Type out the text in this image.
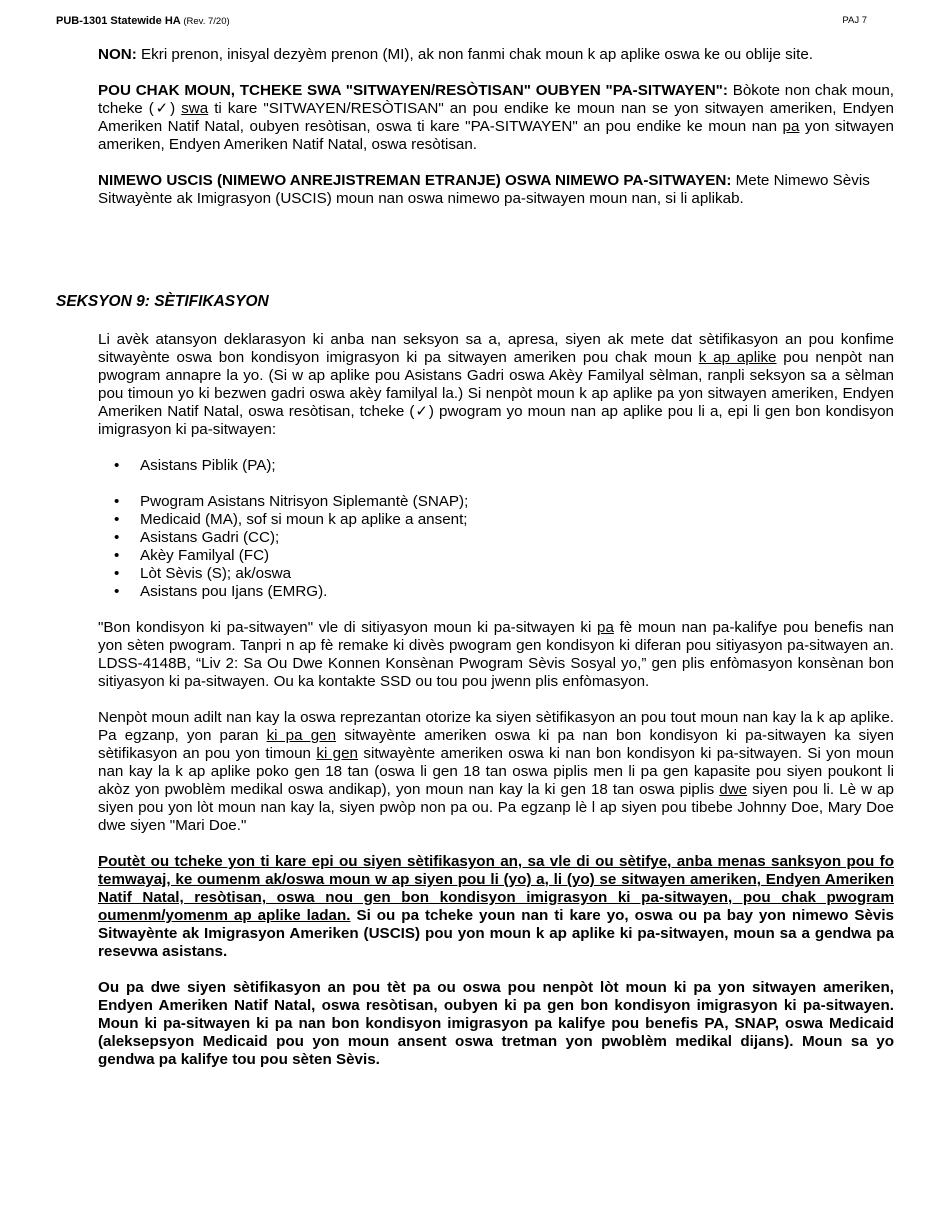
PUB-1301 Statewide HA (Rev. 7/20)	PAJ 7

NON: Ekri prenon, inisyal dezyèm prenon (MI), ak non fanmi chak moun k ap aplike oswa ke ou oblije site.

POU CHAK MOUN, TCHEKE SWA "SITWAYEN/RESÒTISAN" OUBYEN "PA-SITWAYEN": Bòkote non chak moun, tcheke (✓) swa ti kare "SITWAYEN/RESÒTISAN" an pou endike ke moun nan se yon sitwayen ameriken, Endyen Ameriken Natif Natal, oubyen resòtisan, oswa ti kare "PA-SITWAYEN" an pou endike ke moun nan pa yon sitwayen ameriken, Endyen Ameriken Natif Natal, oswa resòtisan.

NIMEWO USCIS (NIMEWO ANREJISTREMAN ETRANJE) OSWA NIMEWO PA-SITWAYEN: Mete Nimewo Sèvis Sitwayènte ak Imigrasyon (USCIS) moun nan oswa nimewo pa-sitwayen moun nan, si li aplikab.

SEKSYON 9: SÈTIFIKASYON

Li avèk atansyon deklarasyon ki anba nan seksyon sa a, apresa, siyen ak mete dat sètifikasyon an pou konfime sitwayènte oswa bon kondisyon imigrasyon ki pa sitwayen ameriken pou chak moun k ap aplike pou nenpòt nan pwogram annapre la yo. (Si w ap aplike pou Asistans Gadri oswa Akèy Familyal sèlman, ranpli seksyon sa a sèlman pou timoun yo ki bezwen gadri oswa akèy familyal la.) Si nenpòt moun k ap aplike pa yon sitwayen ameriken, Endyen Ameriken Natif Natal, oswa resòtisan, tcheke (✓) pwogram yo moun nan ap aplike pou li a, epi li gen bon kondisyon imigrasyon ki pa-sitwayen:

• Asistans Piblik (PA);
• Pwogram Asistans Nitrisyon Siplemantè (SNAP);
• Medicaid (MA), sof si moun k ap aplike a ansent;
• Asistans Gadri (CC);
• Akèy Familyal (FC)
• Lòt Sèvis (S); ak/oswa
• Asistans pou Ijans (EMRG).

"Bon kondisyon ki pa-sitwayen" vle di sitiyasyon moun ki pa-sitwayen ki pa fè moun nan pa-kalifye pou benefis nan yon sèten pwogram. Tanpri n ap fè remake ki divès pwogram gen kondisyon ki diferan pou sitiyasyon pa-sitwayen an. LDSS-4148B, “Liv 2: Sa Ou Dwe Konnen Konsènan Pwogram Sèvis Sosyal yo,” gen plis enfòmasyon konsènan bon sitiyasyon ki pa-sitwayen. Ou ka kontakte SSD ou tou pou jwenn plis enfòmasyon.

Nenpòt moun adilt nan kay la oswa reprezantan otorize ka siyen sètifikasyon an pou tout moun nan kay la k ap aplike. Pa egzanp, yon paran ki pa gen sitwayènte ameriken oswa ki pa nan bon kondisyon ki pa-sitwayen ka siyen sètifikasyon an pou yon timoun ki gen sitwayènte ameriken oswa ki nan bon kondisyon ki pa-sitwayen. Si yon moun nan kay la k ap aplike poko gen 18 tan (oswa li gen 18 tan oswa piplis men li pa gen kapasite pou siyen poukont li akòz yon pwoblèm medikal oswa andikap), yon moun nan kay la ki gen 18 tan oswa piplis dwe siyen pou li. Lè w ap siyen pou yon lòt moun nan kay la, siyen pwòp non pa ou. Pa egzanp lè l ap siyen pou tibebe Johnny Doe, Mary Doe dwe siyen "Mari Doe."

Poutèt ou tcheke yon ti kare epi ou siyen sètifikasyon an, sa vle di ou sètifye, anba menas sanksyon pou fo temwayaj, ke oumenm ak/oswa moun w ap siyen pou li (yo) a, li (yo) se sitwayen ameriken, Endyen Ameriken Natif Natal, resòtisan, oswa nou gen bon kondisyon imigrasyon ki pa-sitwayen, pou chak pwogram oumenm/yomenm ap aplike ladan. Si ou pa tcheke youn nan ti kare yo, oswa ou pa bay yon nimewo Sèvis Sitwayènte ak Imigrasyon Ameriken (USCIS) pou yon moun k ap aplike ki pa-sitwayen, moun sa a gendwa pa resevwa asistans.

Ou pa dwe siyen sètifikasyon an pou tèt pa ou oswa pou nenpòt lòt moun ki pa yon sitwayen ameriken, Endyen Ameriken Natif Natal, oswa resòtisan, oubyen ki pa gen bon kondisyon imigrasyon ki pa-sitwayen. Moun ki pa-sitwayen ki pa nan bon kondisyon imigrasyon pa kalifye pou benefis PA, SNAP, oswa Medicaid (aleksepsyon Medicaid pou yon moun ansent oswa tretman yon pwoblèm medikal dijans). Moun sa yo gendwa pa kalifye tou pou sèten Sèvis.
